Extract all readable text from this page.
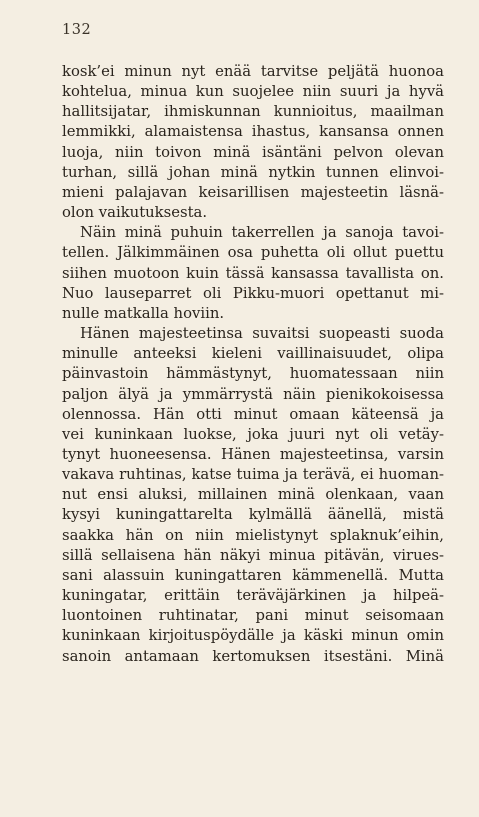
132
kosk’ei minun nyt enää tarvitse peljätä huonoa
kohtelua, minua kun suojelee niin suuri ja hyvä
hallitsijatar, ihmiskunnan kunnioitus, maailman
lemmikki, alamaistensa ihastus, kansansa onnen
luoja, niin toivon minä isäntäni pelvon olevan
turhan, sillä johan minä nytkin tunnen elinvoi-
mieni palajavan keisarillisen majesteetin läsnä-
olon vaikutuksesta.
Näin minä puhuin takerrellen ja sanoja tavoi-
tellen. Jälkimmäinen osa puhetta oli ollut puettu
siihen muotoon kuin tässä kansassa tavallista on.
Nuo lauseparret oli Pikku-muori opettanut mi-
nulle matkalla hoviin.
Hänen majesteetinsa suvaitsi suopeasti suoda
minulle anteeksi kieleni vaillinaisuudet, olipa
päinvastoin hämmästynyt, huomatessaan niin
paljon älyä ja ymmärrystä näin pienikokoisessa
olennossa. Hän otti minut omaan käteensä ja
vei kuninkaan luokse, joka juuri nyt oli vetäy-
tynyt huoneesensa. Hänen majesteetinsa, varsin
vakava ruhtinas, katse tuima ja terävä, ei huoman-
nut ensi aluksi, millainen minä olenkaan, vaan
kysyi kuningattarelta kylmällä äänellä, mistä
saakka hän on niin mielistynyt splaknuk’eihin,
sillä sellaisena hän näkyi minua pitävän, virues-
sani alassuin kuningattaren kämmenellä. Mutta
kuningatar, erittäin teräväjärkinen ja hilpeä-
luontoinen ruhtinatar, pani minut seisomaan
kuninkaan kirjoituspöydälle ja käski minun omin
sanoin antamaan kertomuksen itsestäni. Minä
